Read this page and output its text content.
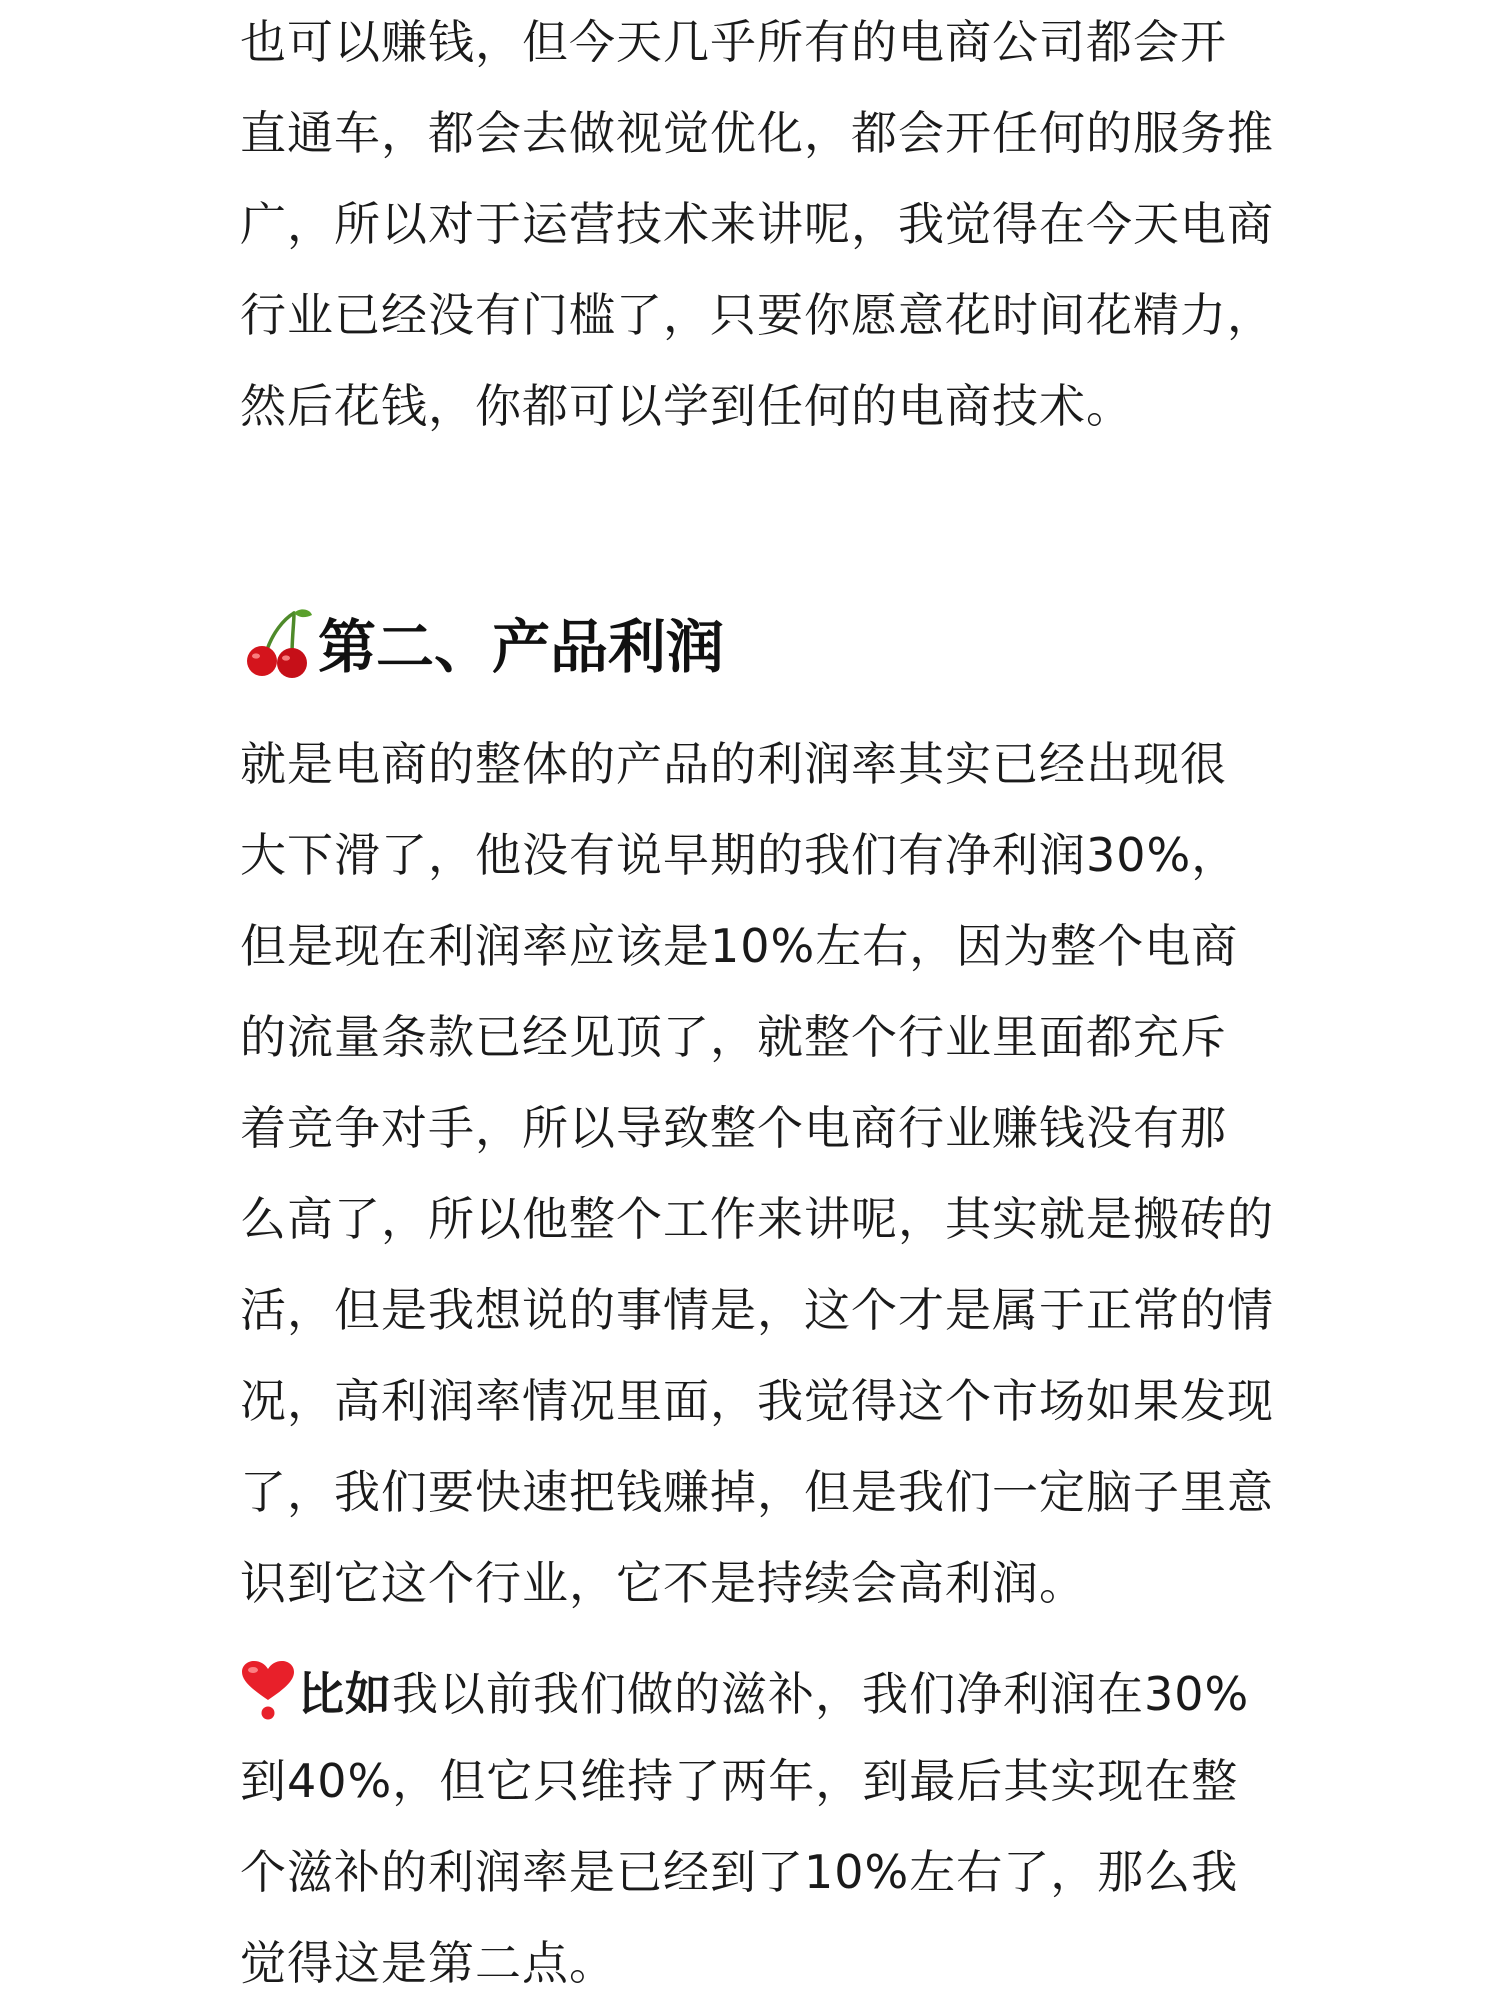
也可以赚钱，但今天几乎所有的电商公司都会开

直通车，都会去做视觉优化，都会开任何的服务推

广，所以对于运营技术来讲呢，我觉得在今天电商

行业已经没有门槛了，只要你愿意花时间花精力，

然后花钱，你都可以学到任何的电商技术。

第二、产品利润

就是电商的整体的产品的利润率其实已经出现很

大下滑了，他没有说早期的我们有净利润30%，

但是现在利润率应该是10%左右，因为整个电商

的流量条款已经见顶了，就整个行业里面都充斥

着竞争对手，所以导致整个电商行业赚钱没有那

么高了，所以他整个工作来讲呢，其实就是搬砖的

活，但是我想说的事情是，这个才是属于正常的情

况，高利润率情况里面，我觉得这个市场如果发现

了，我们要快速把钱赚掉，但是我们一定脑子里意

识到它这个行业，它不是持续会高利润。

比如我以前我们做的滋补，我们净利润在30%

到40%，但它只维持了两年，到最后其实现在整

个滋补的利润率是已经到了10%左右了，那么我

觉得这是第二点。
